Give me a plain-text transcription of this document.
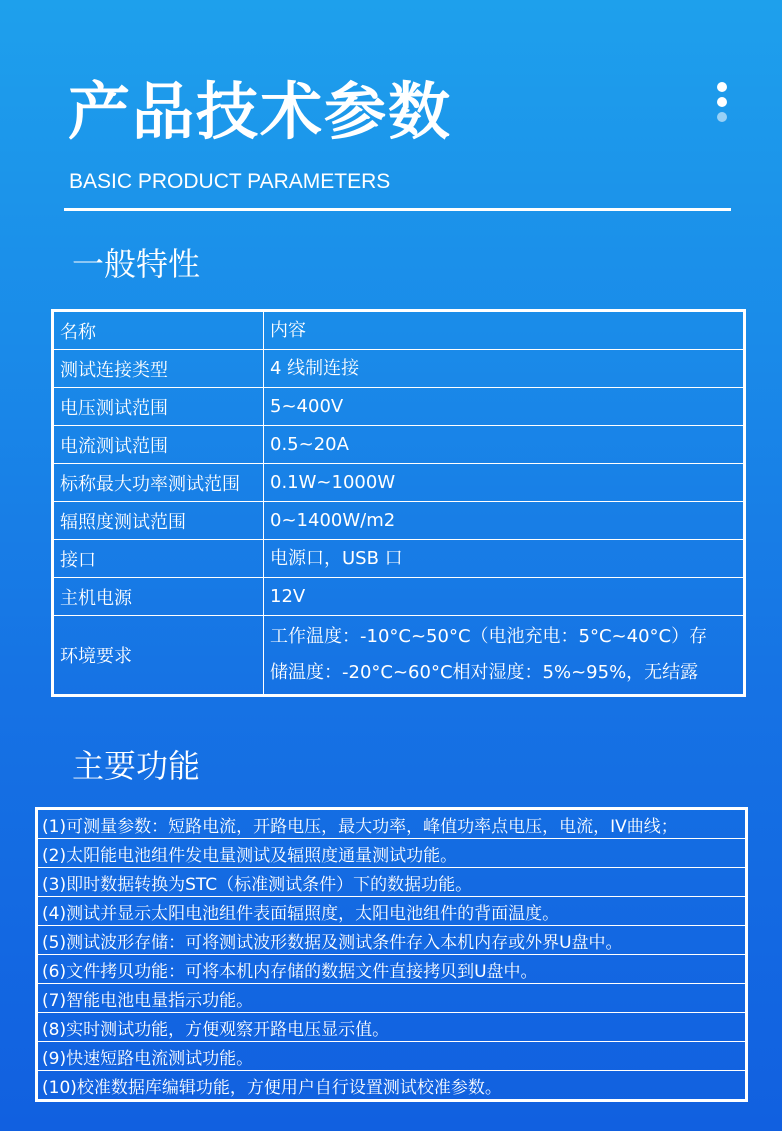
产品技术参数
BASIC PRODUCT PARAMETERS
一般特性
名称	内容
测试连接类型	4 线制连接
电压测试范围	5~400V
电流测试范围	0.5~20A
标称最大功率测试范围	0.1W~1000W
辐照度测试范围	0~1400W/m2
接口	电源口，USB 口
主机电源	12V
环境要求	工作温度：-10°C~50°C（电池充电：5°C~40°C）存储温度：-20°C~60°C相对湿度：5%~95%，无结露
主要功能
(1)可测量参数：短路电流，开路电压，最大功率，峰值功率点电压，电流，IV曲线；
(2)太阳能电池组件发电量测试及辐照度通量测试功能。
(3)即时数据转换为STC（标准测试条件）下的数据功能。
(4)测试并显示太阳电池组件表面辐照度，太阳电池组件的背面温度。
(5)测试波形存储：可将测试波形数据及测试条件存入本机内存或外界U盘中。
(6)文件拷贝功能：可将本机内存储的数据文件直接拷贝到U盘中。
(7)智能电池电量指示功能。
(8)实时测试功能，方便观察开路电压显示值。
(9)快速短路电流测试功能。
(10)校准数据库编辑功能，方便用户自行设置测试校准参数。
